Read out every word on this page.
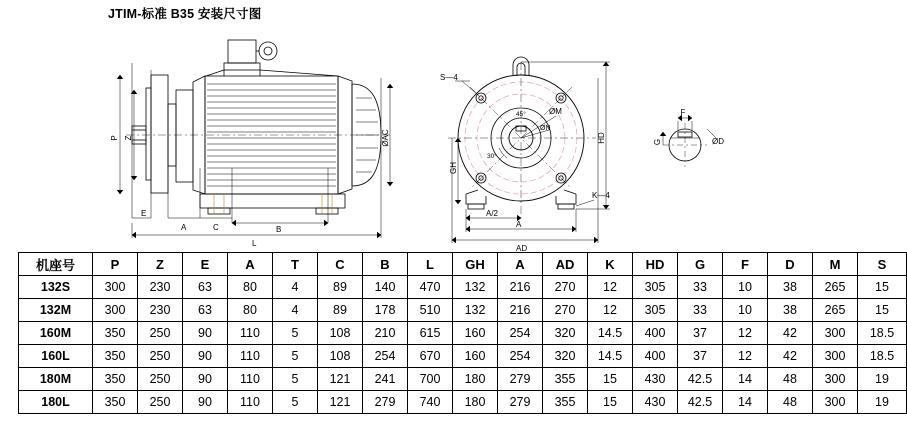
JTIM-标准 B35 安装尺寸图
P Z
E
A	C	B
L
ØAC
S—4
45°
30°
ØM
ØN
GH
A/2
A
AD
HD
K—4
F
G	ØD
机座号	P	Z	E	A	T	C	B	L	GH	A	AD	K	HD	G	F	D	M	S
132S	300	230	63	80	4	89	140	470	132	216	270	12	305	33	10	38	265	15
132M	300	230	63	80	4	89	178	510	132	216	270	12	305	33	10	38	265	15
160M	350	250	90	110	5	108	210	615	160	254	320	14.5	400	37	12	42	300	18.5
160L	350	250	90	110	5	108	254	670	160	254	320	14.5	400	37	12	42	300	18.5
180M	350	250	90	110	5	121	241	700	180	279	355	15	430	42.5	14	48	300	19
180L	350	250	90	110	5	121	279	740	180	279	355	15	430	42.5	14	48	300	19
